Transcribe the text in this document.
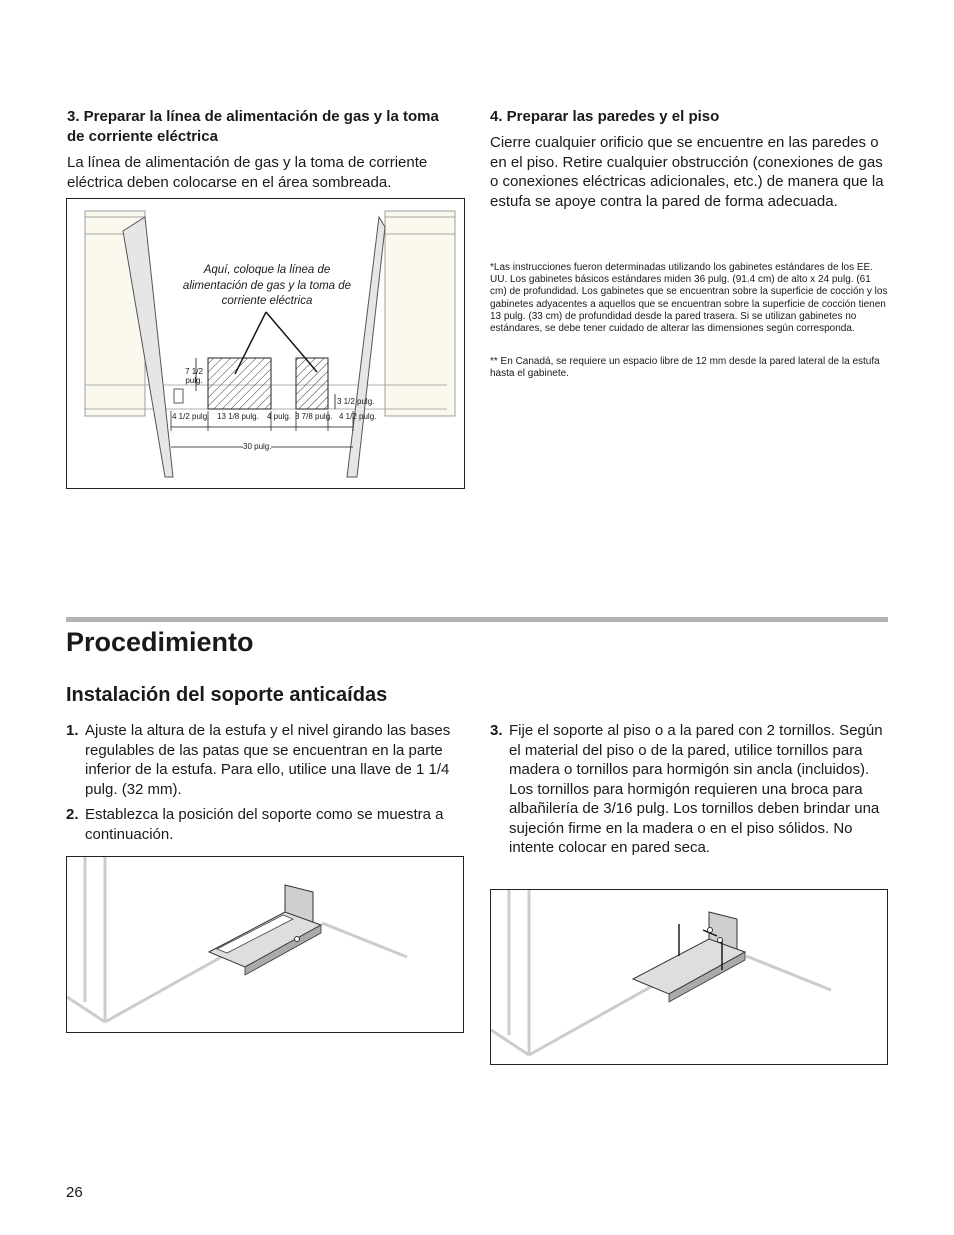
3. Preparar la línea de alimentación de gas y la toma de corriente eléctrica
La línea de alimentación de gas y la toma de corriente eléctrica deben colocarse en el área sombreada.
Aquí, coloque la línea de alimentación de gas y la toma de corriente eléctrica
7 1/2 pulg.
3 1/2 pulg.
4 1/2 pulg. 13 1/8 pulg. 4 pulg. 3 7/8 pulg. 4 1/2 pulg.
30 pulg.
4. Preparar las paredes y el piso
Cierre cualquier orificio que se encuentre en las paredes o en el piso. Retire cualquier obstrucción (conexiones de gas o conexiones eléctricas adicionales, etc.) de manera que la estufa se apoye contra la pared de forma adecuada.
*Las instrucciones fueron determinadas utilizando los gabinetes estándares de los EE. UU. Los gabinetes básicos estándares miden 36 pulg. (91.4 cm) de alto x 24 pulg. (61 cm) de profundidad. Los gabinetes que se encuentran sobre la superficie de cocción y los gabinetes adyacentes a aquellos que se encuentran sobre la superficie de cocción tienen 13 pulg. (33 cm) de profundidad desde la pared trasera. Si se utilizan gabinetes no estándares, se debe tener cuidado de alterar las dimensiones según corresponda.
** En Canadá, se requiere un espacio libre de 12 mm desde la pared lateral de la estufa hasta el gabinete.
Procedimiento
Instalación del soporte anticaídas
1. Ajuste la altura de la estufa y el nivel girando las bases regulables de las patas que se encuentran en la parte inferior de la estufa. Para ello, utilice una llave de 1 1/4 pulg. (32 mm).
2. Establezca la posición del soporte como se muestra a continuación.
3. Fije el soporte al piso o a la pared con 2 tornillos. Según el material del piso o de la pared, utilice tornillos para madera o tornillos para hormigón sin ancla (incluidos). Los tornillos para hormigón requieren una broca para albañilería de 3/16 pulg. Los tornillos deben brindar una sujeción firme en la madera o en el piso sólidos. No intente colocar en pared seca.
26
